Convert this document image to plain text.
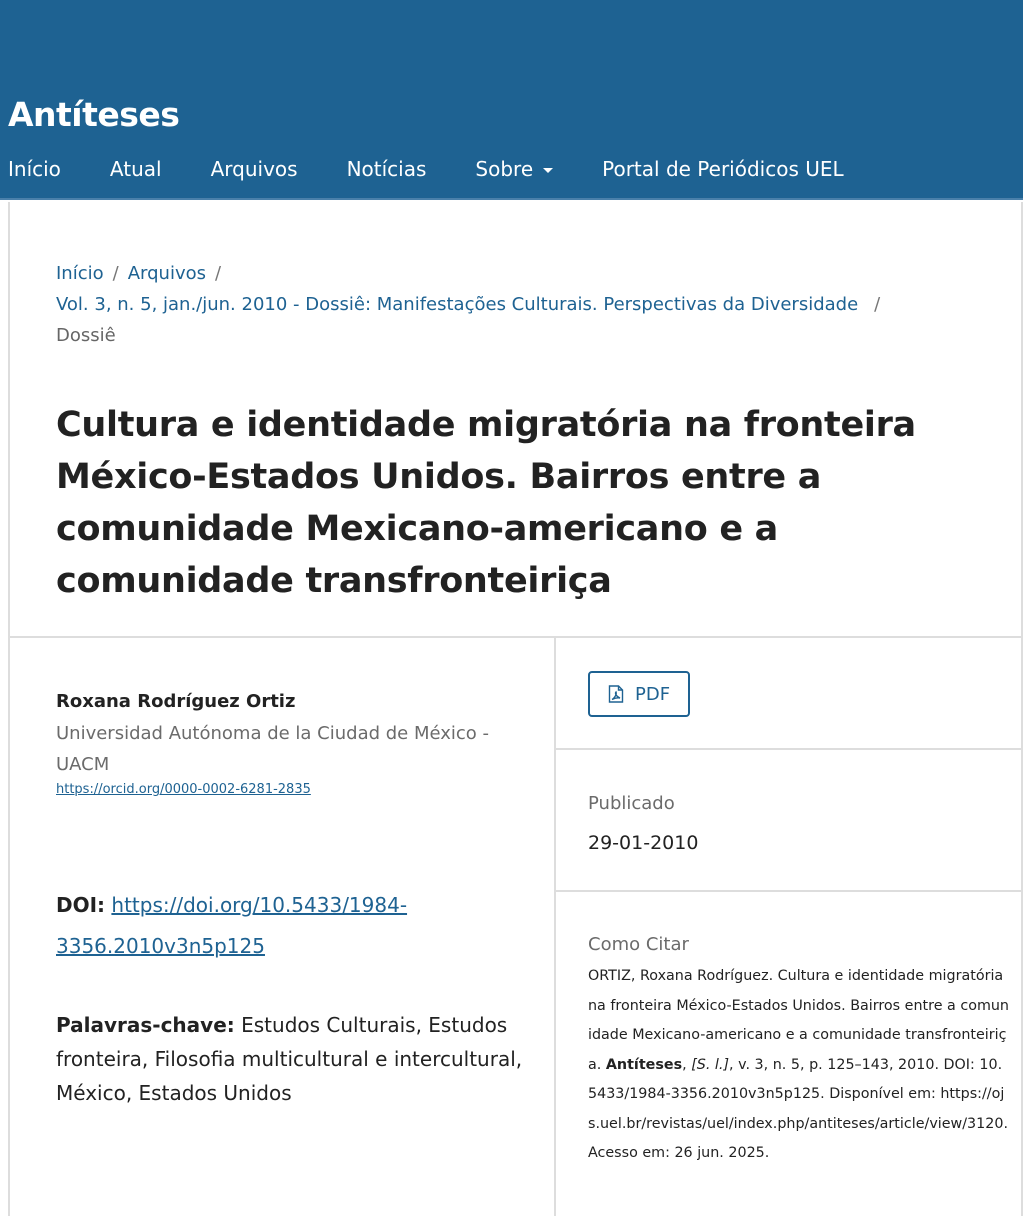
Antíteses
Início Atual Arquivos Notícias Sobre	Portal de Periódicos UEL
Início / Arquivos /
Vol. 3, n. 5, jan./jun. 2010 - Dossiê: Manifestações Culturais. Perspectivas da Diversidade /
Dossiê
Cultura e identidade migratória na fronteira México-Estados Unidos. Bairros entre a comunidade Mexicano-americano e a comunidade transfronteiriça
Roxana Rodríguez Ortiz
Universidad Autónoma de la Ciudad de México - UACM
https://orcid.org/0000-0002-6281-2835
DOI: https://doi.org/10.5433/1984-3356.2010v3n5p125
Palavras-chave: Estudos Culturais, Estudos fronteira, Filosofia multicultural e intercultural, México, Estados Unidos
PDF
Publicado
29-01-2010
Como Citar
ORTIZ, Roxana Rodríguez. Cultura e identidade migratória na fronteira México-Estados Unidos. Bairros entre a comunidade Mexicano-americano e a comunidade transfronteiriça. Antíteses, [S. l.], v. 3, n. 5, p. 125–143, 2010. DOI: 10.5433/1984-3356.2010v3n5p125. Disponível em: https://ojs.uel.br/revistas/uel/index.php/antiteses/article/view/3120. Acesso em: 26 jun. 2025.
